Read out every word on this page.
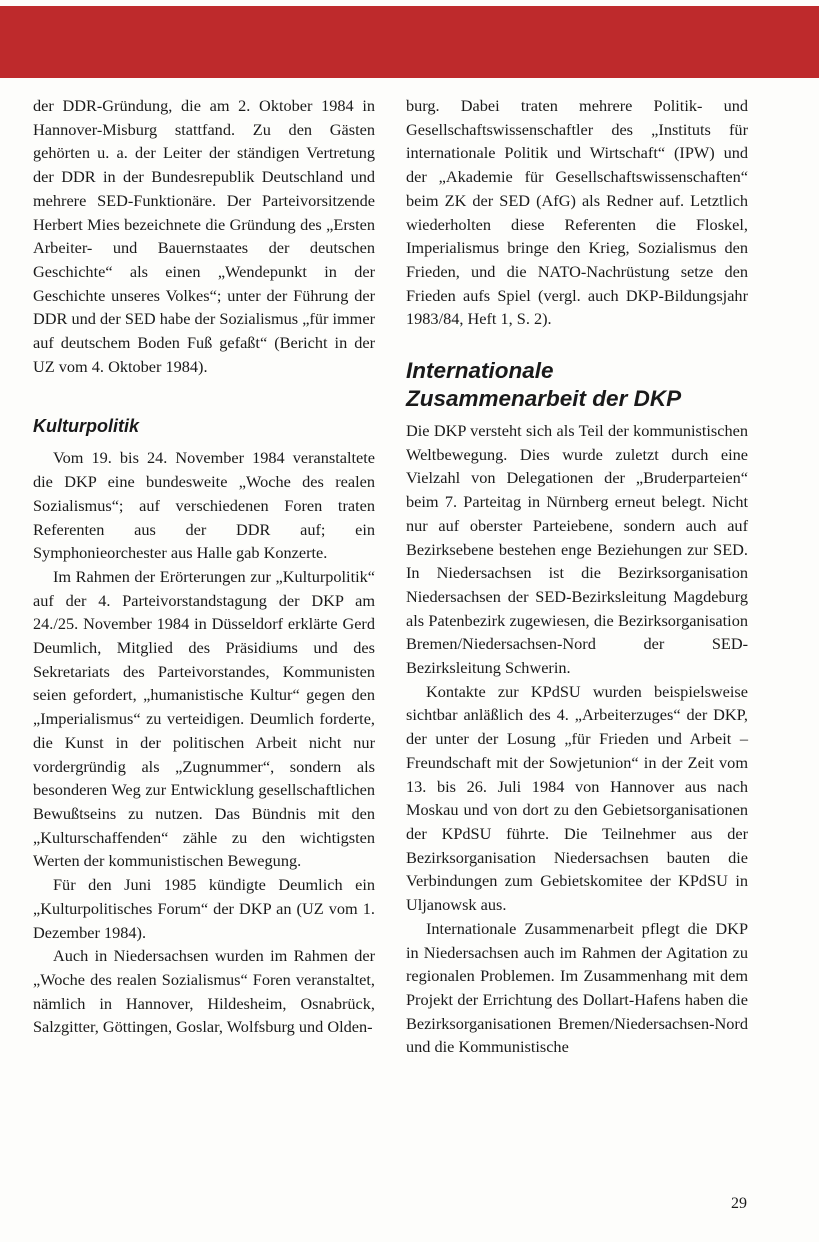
der DDR-Gründung, die am 2. Oktober 1984 in Hannover-Misburg stattfand. Zu den Gästen gehörten u. a. der Leiter der ständigen Vertretung der DDR in der Bundesrepublik Deutschland und mehrere SED-Funktionäre. Der Parteivorsitzende Herbert Mies bezeichnete die Gründung des „Ersten Arbeiter- und Bauernstaates der deutschen Geschichte“ als einen „Wendepunkt in der Geschichte unseres Volkes“; unter der Führung der DDR und der SED habe der Sozialismus „für immer auf deutschem Boden Fuß gefaßt“ (Bericht in der UZ vom 4. Oktober 1984).

Kulturpolitik

Vom 19. bis 24. November 1984 veranstaltete die DKP eine bundesweite „Woche des realen Sozialismus“; auf verschiedenen Foren traten Referenten aus der DDR auf; ein Symphonieorchester aus Halle gab Konzerte.

Im Rahmen der Erörterungen zur „Kulturpolitik“ auf der 4. Parteivorstandstagung der DKP am 24./25. November 1984 in Düsseldorf erklärte Gerd Deumlich, Mitglied des Präsidiums und des Sekretariats des Parteivorstandes, Kommunisten seien gefordert, „humanistische Kultur“ gegen den „Imperialismus“ zu verteidigen. Deumlich forderte, die Kunst in der politischen Arbeit nicht nur vordergründig als „Zugnummer“, sondern als besonderen Weg zur Entwicklung gesellschaftlichen Bewußtseins zu nutzen. Das Bündnis mit den „Kulturschaffenden“ zähle zu den wichtigsten Werten der kommunistischen Bewegung.

Für den Juni 1985 kündigte Deumlich ein „Kulturpolitisches Forum“ der DKP an (UZ vom 1. Dezember 1984).

Auch in Niedersachsen wurden im Rahmen der „Woche des realen Sozialismus“ Foren veranstaltet, nämlich in Hannover, Hildesheim, Osnabrück, Salzgitter, Göttingen, Goslar, Wolfsburg und Olden-

burg. Dabei traten mehrere Politik- und Gesellschaftswissenschaftler des „Instituts für internationale Politik und Wirtschaft“ (IPW) und der „Akademie für Gesellschaftswissenschaften“ beim ZK der SED (AfG) als Redner auf. Letztlich wiederholten diese Referenten die Floskel, Imperialismus bringe den Krieg, Sozialismus den Frieden, und die NATO-Nachrüstung setze den Frieden aufs Spiel (vergl. auch DKP-Bildungsjahr 1983/84, Heft 1, S. 2).

Internationale
Zusammenarbeit der DKP

Die DKP versteht sich als Teil der kommunistischen Weltbewegung. Dies wurde zuletzt durch eine Vielzahl von Delegationen der „Bruderparteien“ beim 7. Parteitag in Nürnberg erneut belegt. Nicht nur auf oberster Parteiebene, sondern auch auf Bezirksebene bestehen enge Beziehungen zur SED. In Niedersachsen ist die Bezirksorganisation Niedersachsen der SED-Bezirksleitung Magdeburg als Patenbezirk zugewiesen, die Bezirksorganisation Bremen/Niedersachsen-Nord der SED-Bezirksleitung Schwerin.

Kontakte zur KPdSU wurden beispielsweise sichtbar anläßlich des 4. „Arbeiterzuges“ der DKP, der unter der Losung „für Frieden und Arbeit – Freundschaft mit der Sowjetunion“ in der Zeit vom 13. bis 26. Juli 1984 von Hannover aus nach Moskau und von dort zu den Gebietsorganisationen der KPdSU führte. Die Teilnehmer aus der Bezirksorganisation Niedersachsen bauten die Verbindungen zum Gebietskomitee der KPdSU in Uljanowsk aus.

Internationale Zusammenarbeit pflegt die DKP in Niedersachsen auch im Rahmen der Agitation zu regionalen Problemen. Im Zusammenhang mit dem Projekt der Errichtung des Dollart-Hafens haben die Bezirksorganisationen Bremen/Niedersachsen-Nord und die Kommunistische

29
